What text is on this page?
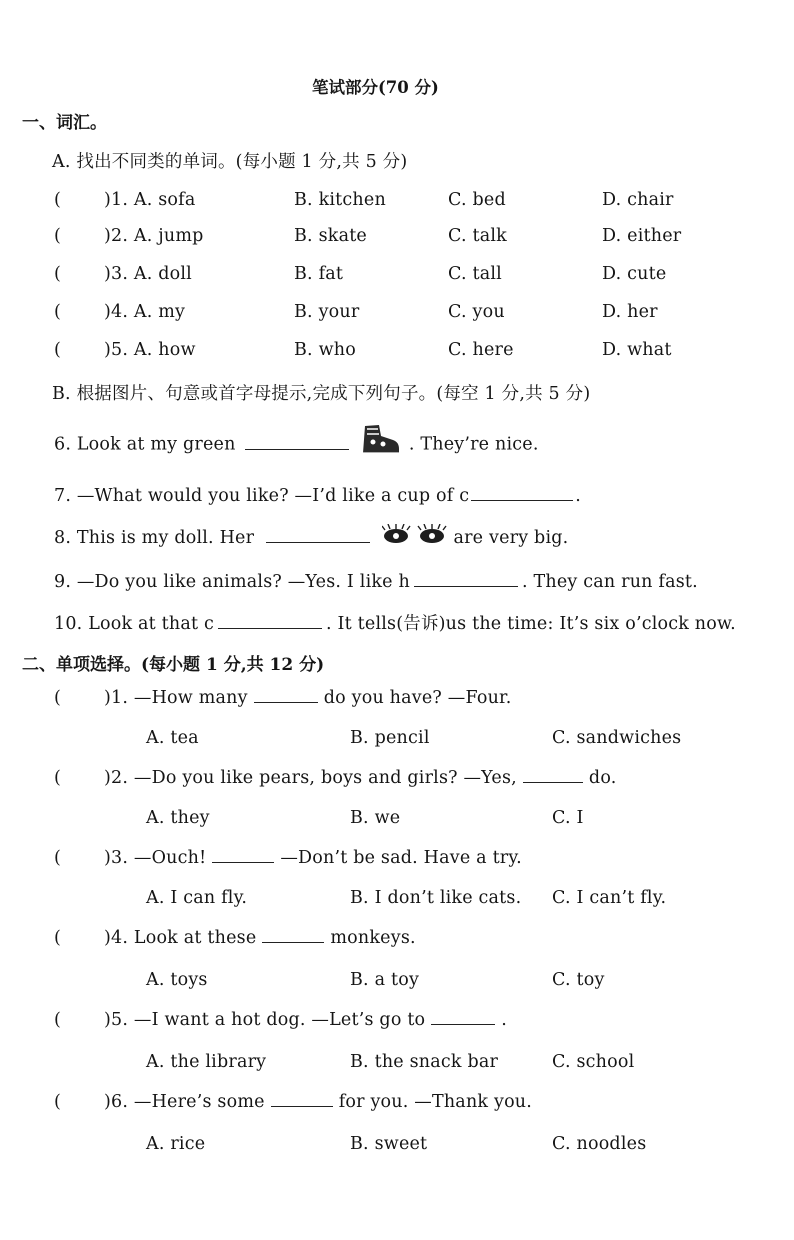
笔试部分(70 分)
一、词汇。
A. 找出不同类的单词。(每小题 1 分,共 5 分)
( )1. A. sofa	B. kitchen	C. bed	D. chair
( )2. A. jump	B. skate	C. talk	D. either
( )3. A. doll	B. fat	C. tall	D. cute
( )4. A. my	B. your	C. you	D. her
( )5. A. how	B. who	C. here	D. what
B. 根据图片、句意或首字母提示,完成下列句子。(每空 1 分,共 5 分)
6. Look at my green	. They’re nice.
7. —What would you like? —I’d like a cup of c	.
8. This is my doll. Her	are very big.
9. —Do you like animals? —Yes. I like h	. They can run fast.
10. Look at that c	. It tells(告诉)us the time: It’s six o’clock now.
二、单项选择。(每小题 1 分,共 12 分)
( )1. —How many	do you have? —Four.
A. tea	B. pencil	C. sandwiches
( )2. —Do you like pears, boys and girls? —Yes,	do.
A. they	B. we	C. I
( )3. —Ouch!	—Don’t be sad. Have a try.
A. I can fly.	B. I don’t like cats. C. I can’t fly.
( )4. Look at these	monkeys.
A. toys	B. a toy	C. toy
( )5. —I want a hot dog. —Let’s go to	.
A. the library	B. the snack bar	C. school
( )6. —Here’s some	for you. —Thank you.
A. rice	B. sweet	C. noodles
